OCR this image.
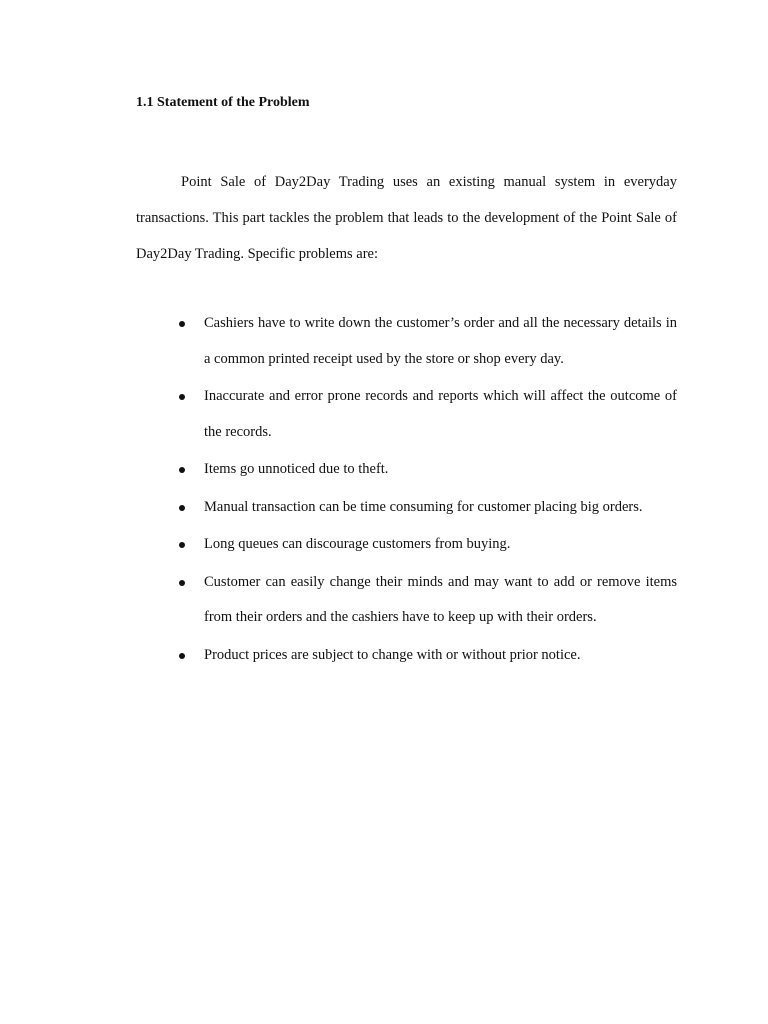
1.1 Statement of the Problem

Point Sale of Day2Day Trading uses an existing manual system in everyday transactions. This part tackles the problem that leads to the development of the Point Sale of Day2Day Trading. Specific problems are:

Cashiers have to write down the customer’s order and all the necessary details in a common printed receipt used by the store or shop every day.
Inaccurate and error prone records and reports which will affect the outcome of the records.
Items go unnoticed due to theft.
Manual transaction can be time consuming for customer placing big orders.
Long queues can discourage customers from buying.
Customer can easily change their minds and may want to add or remove items from their orders and the cashiers have to keep up with their orders.
Product prices are subject to change with or without prior notice.
